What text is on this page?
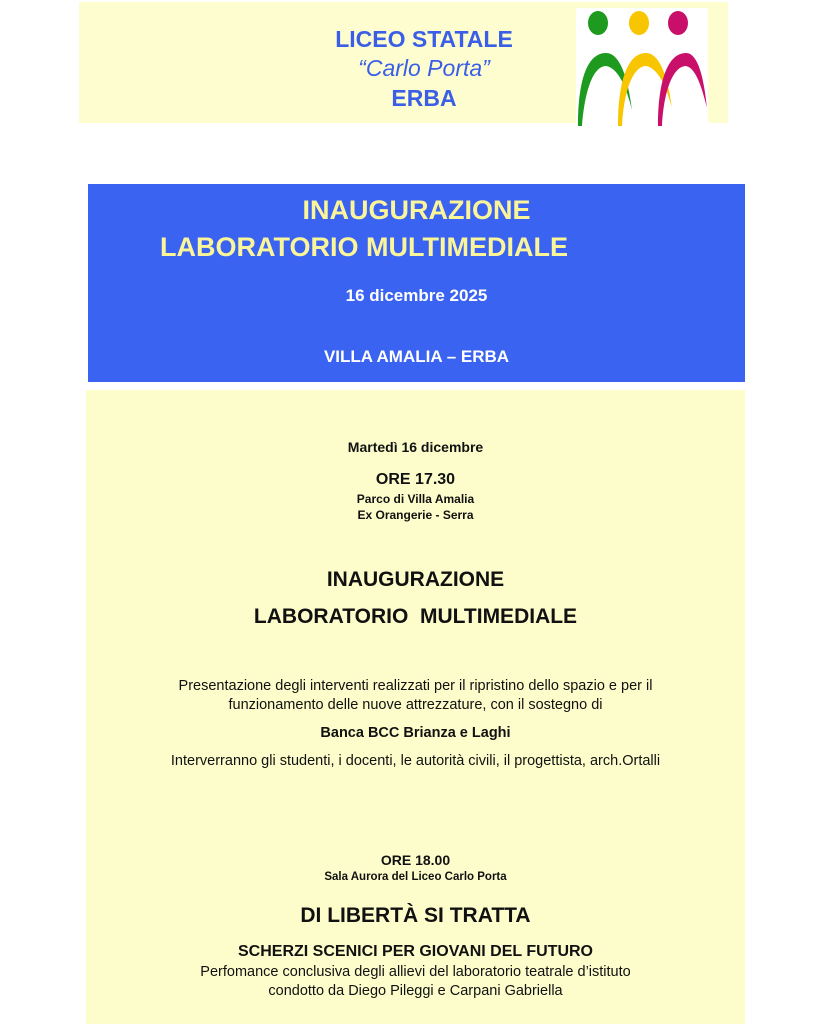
LICEO STATALE
“Carlo Porta”
ERBA
INAUGURAZIONE
LABORATORIO MULTIMEDIALE
16 dicembre 2025
VILLA AMALIA – ERBA
Martedì 16 dicembre
ORE 17.30
Parco di Villa Amalia
Ex Orangerie - Serra
INAUGURAZIONE
LABORATORIO  MULTIMEDIALE
Presentazione degli interventi realizzati per il ripristino dello spazio e per il
funzionamento delle nuove attrezzature, con il sostegno di
Banca BCC Brianza e Laghi
Interverranno gli studenti, i docenti, le autorità civili, il progettista, arch.Ortalli
ORE 18.00
Sala Aurora del Liceo Carlo Porta
DI LIBERTÀ SI TRATTA
SCHERZI SCENICI PER GIOVANI DEL FUTURO
Perfomance conclusiva degli allievi del laboratorio teatrale d’istituto
condotto da Diego Pileggi e Carpani Gabriella
